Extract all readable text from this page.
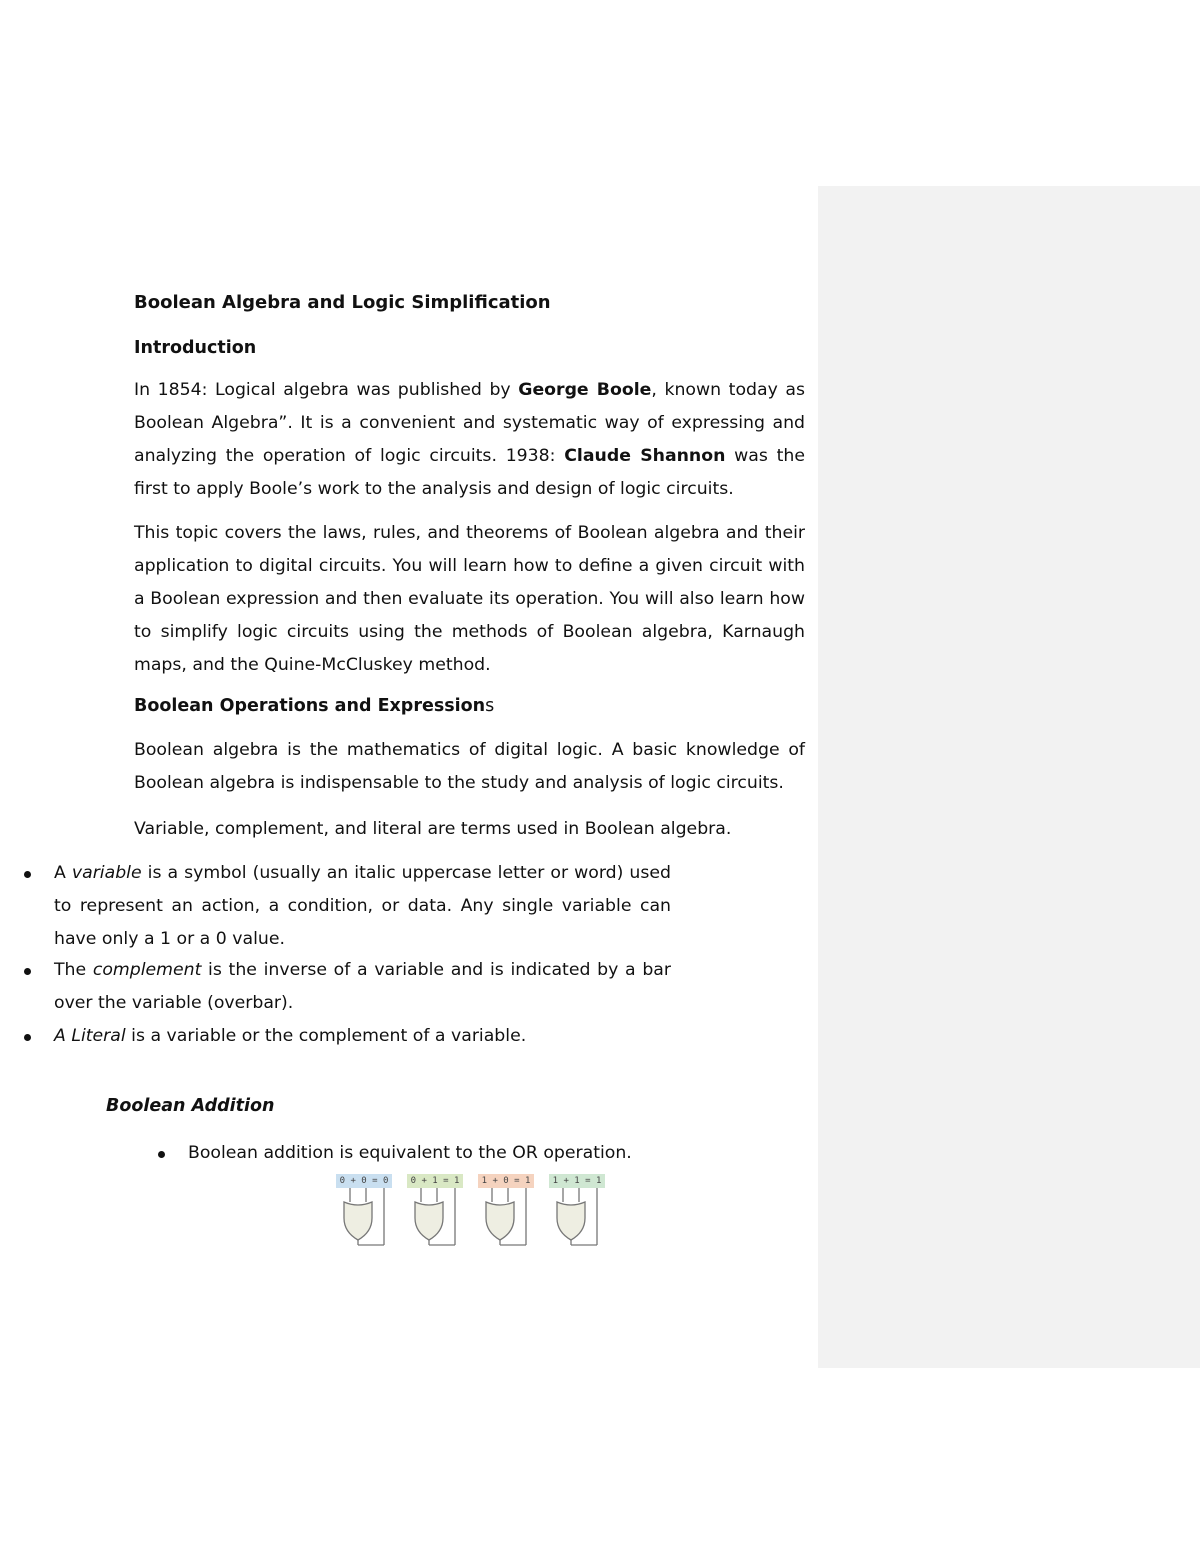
Boolean Algebra and Logic Simplification
Introduction

In 1854: Logical algebra was published by George Boole, known today as Boolean Algebra”. It is a convenient and systematic way of expressing and analyzing the operation of logic circuits. 1938: Claude Shannon was the first to apply Boole’s work to the analysis and design of logic circuits.

This topic covers the laws, rules, and theorems of Boolean algebra and their application to digital circuits. You will learn how to define a given circuit with a Boolean expression and then evaluate its operation. You will also learn how to simplify logic circuits using the methods of Boolean algebra, Karnaugh maps, and the Quine-McCluskey method.

Boolean Operations and Expressions

Boolean algebra is the mathematics of digital logic. A basic knowledge of Boolean algebra is indispensable to the study and analysis of logic circuits.

Variable, complement, and literal are terms used in Boolean algebra.
A variable is a symbol (usually an italic uppercase letter or word) used to represent an action, a condition, or data. Any single variable can have only a 1 or a 0 value.
The complement is the inverse of a variable and is indicated by a bar over the variable (overbar).
A Literal is a variable or the complement of a variable.
Boolean Addition
Boolean addition is equivalent to the OR operation.
0 + 0 = 0	0 + 1 = 1	1 + 0 = 1	1 + 1 = 1
